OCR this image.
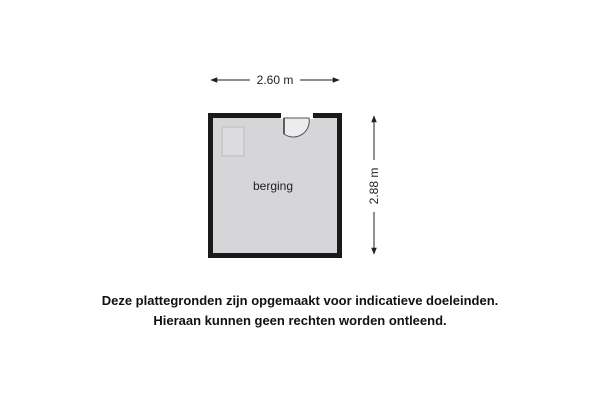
2.60 m
2.88 m
berging
Deze plattegronden zijn opgemaakt voor indicatieve doeleinden.
Hieraan kunnen geen rechten worden ontleend.
